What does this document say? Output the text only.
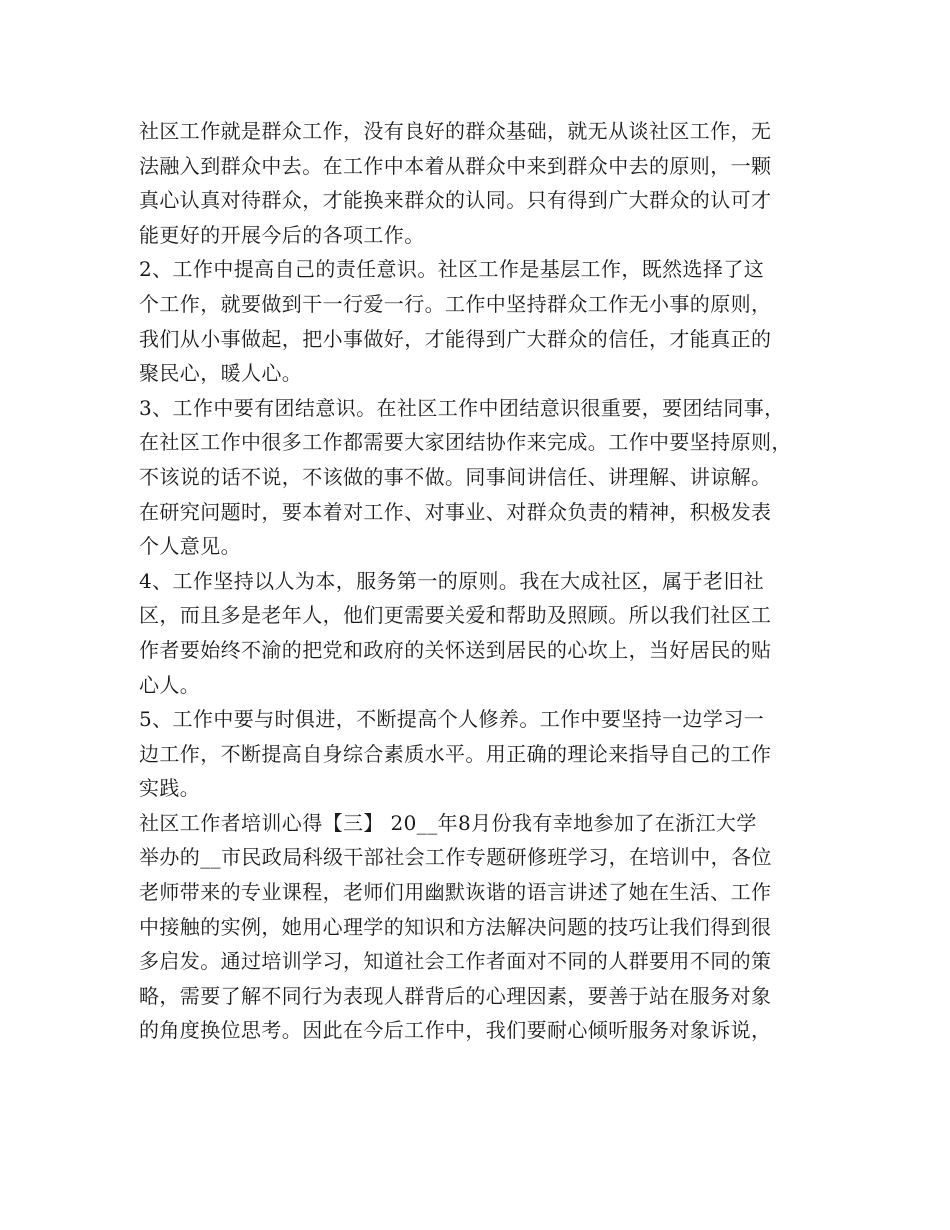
社区工作就是群众工作，没有良好的群众基础，就无从谈社区工作，无
法融入到群众中去。在工作中本着从群众中来到群众中去的原则，一颗
真心认真对待群众，才能换来群众的认同。只有得到广大群众的认可才
能更好的开展今后的各项工作。
2、工作中提高自己的责任意识。社区工作是基层工作，既然选择了这
个工作，就要做到干一行爱一行。工作中坚持群众工作无小事的原则，
我们从小事做起，把小事做好，才能得到广大群众的信任，才能真正的
聚民心，暖人心。
3、工作中要有团结意识。在社区工作中团结意识很重要，要团结同事，
在社区工作中很多工作都需要大家团结协作来完成。工作中要坚持原则，
不该说的话不说，不该做的事不做。同事间讲信任、讲理解、讲谅解。
在研究问题时，要本着对工作、对事业、对群众负责的精神，积极发表
个人意见。
4、工作坚持以人为本，服务第一的原则。我在大成社区，属于老旧社
区，而且多是老年人，他们更需要关爱和帮助及照顾。所以我们社区工
作者要始终不渝的把党和政府的关怀送到居民的心坎上，当好居民的贴
心人。
5、工作中要与时俱进，不断提高个人修养。工作中要坚持一边学习一
边工作，不断提高自身综合素质水平。用正确的理论来指导自己的工作
实践。
社区工作者培训心得【三】 20__年8月份我有幸地参加了在浙江大学
举办的__市民政局科级干部社会工作专题研修班学习，在培训中，各位
老师带来的专业课程，老师们用幽默诙谐的语言讲述了她在生活、工作
中接触的实例，她用心理学的知识和方法解决问题的技巧让我们得到很
多启发。通过培训学习，知道社会工作者面对不同的人群要用不同的策
略，需要了解不同行为表现人群背后的心理因素，要善于站在服务对象
的角度换位思考。因此在今后工作中，我们要耐心倾听服务对象诉说，
